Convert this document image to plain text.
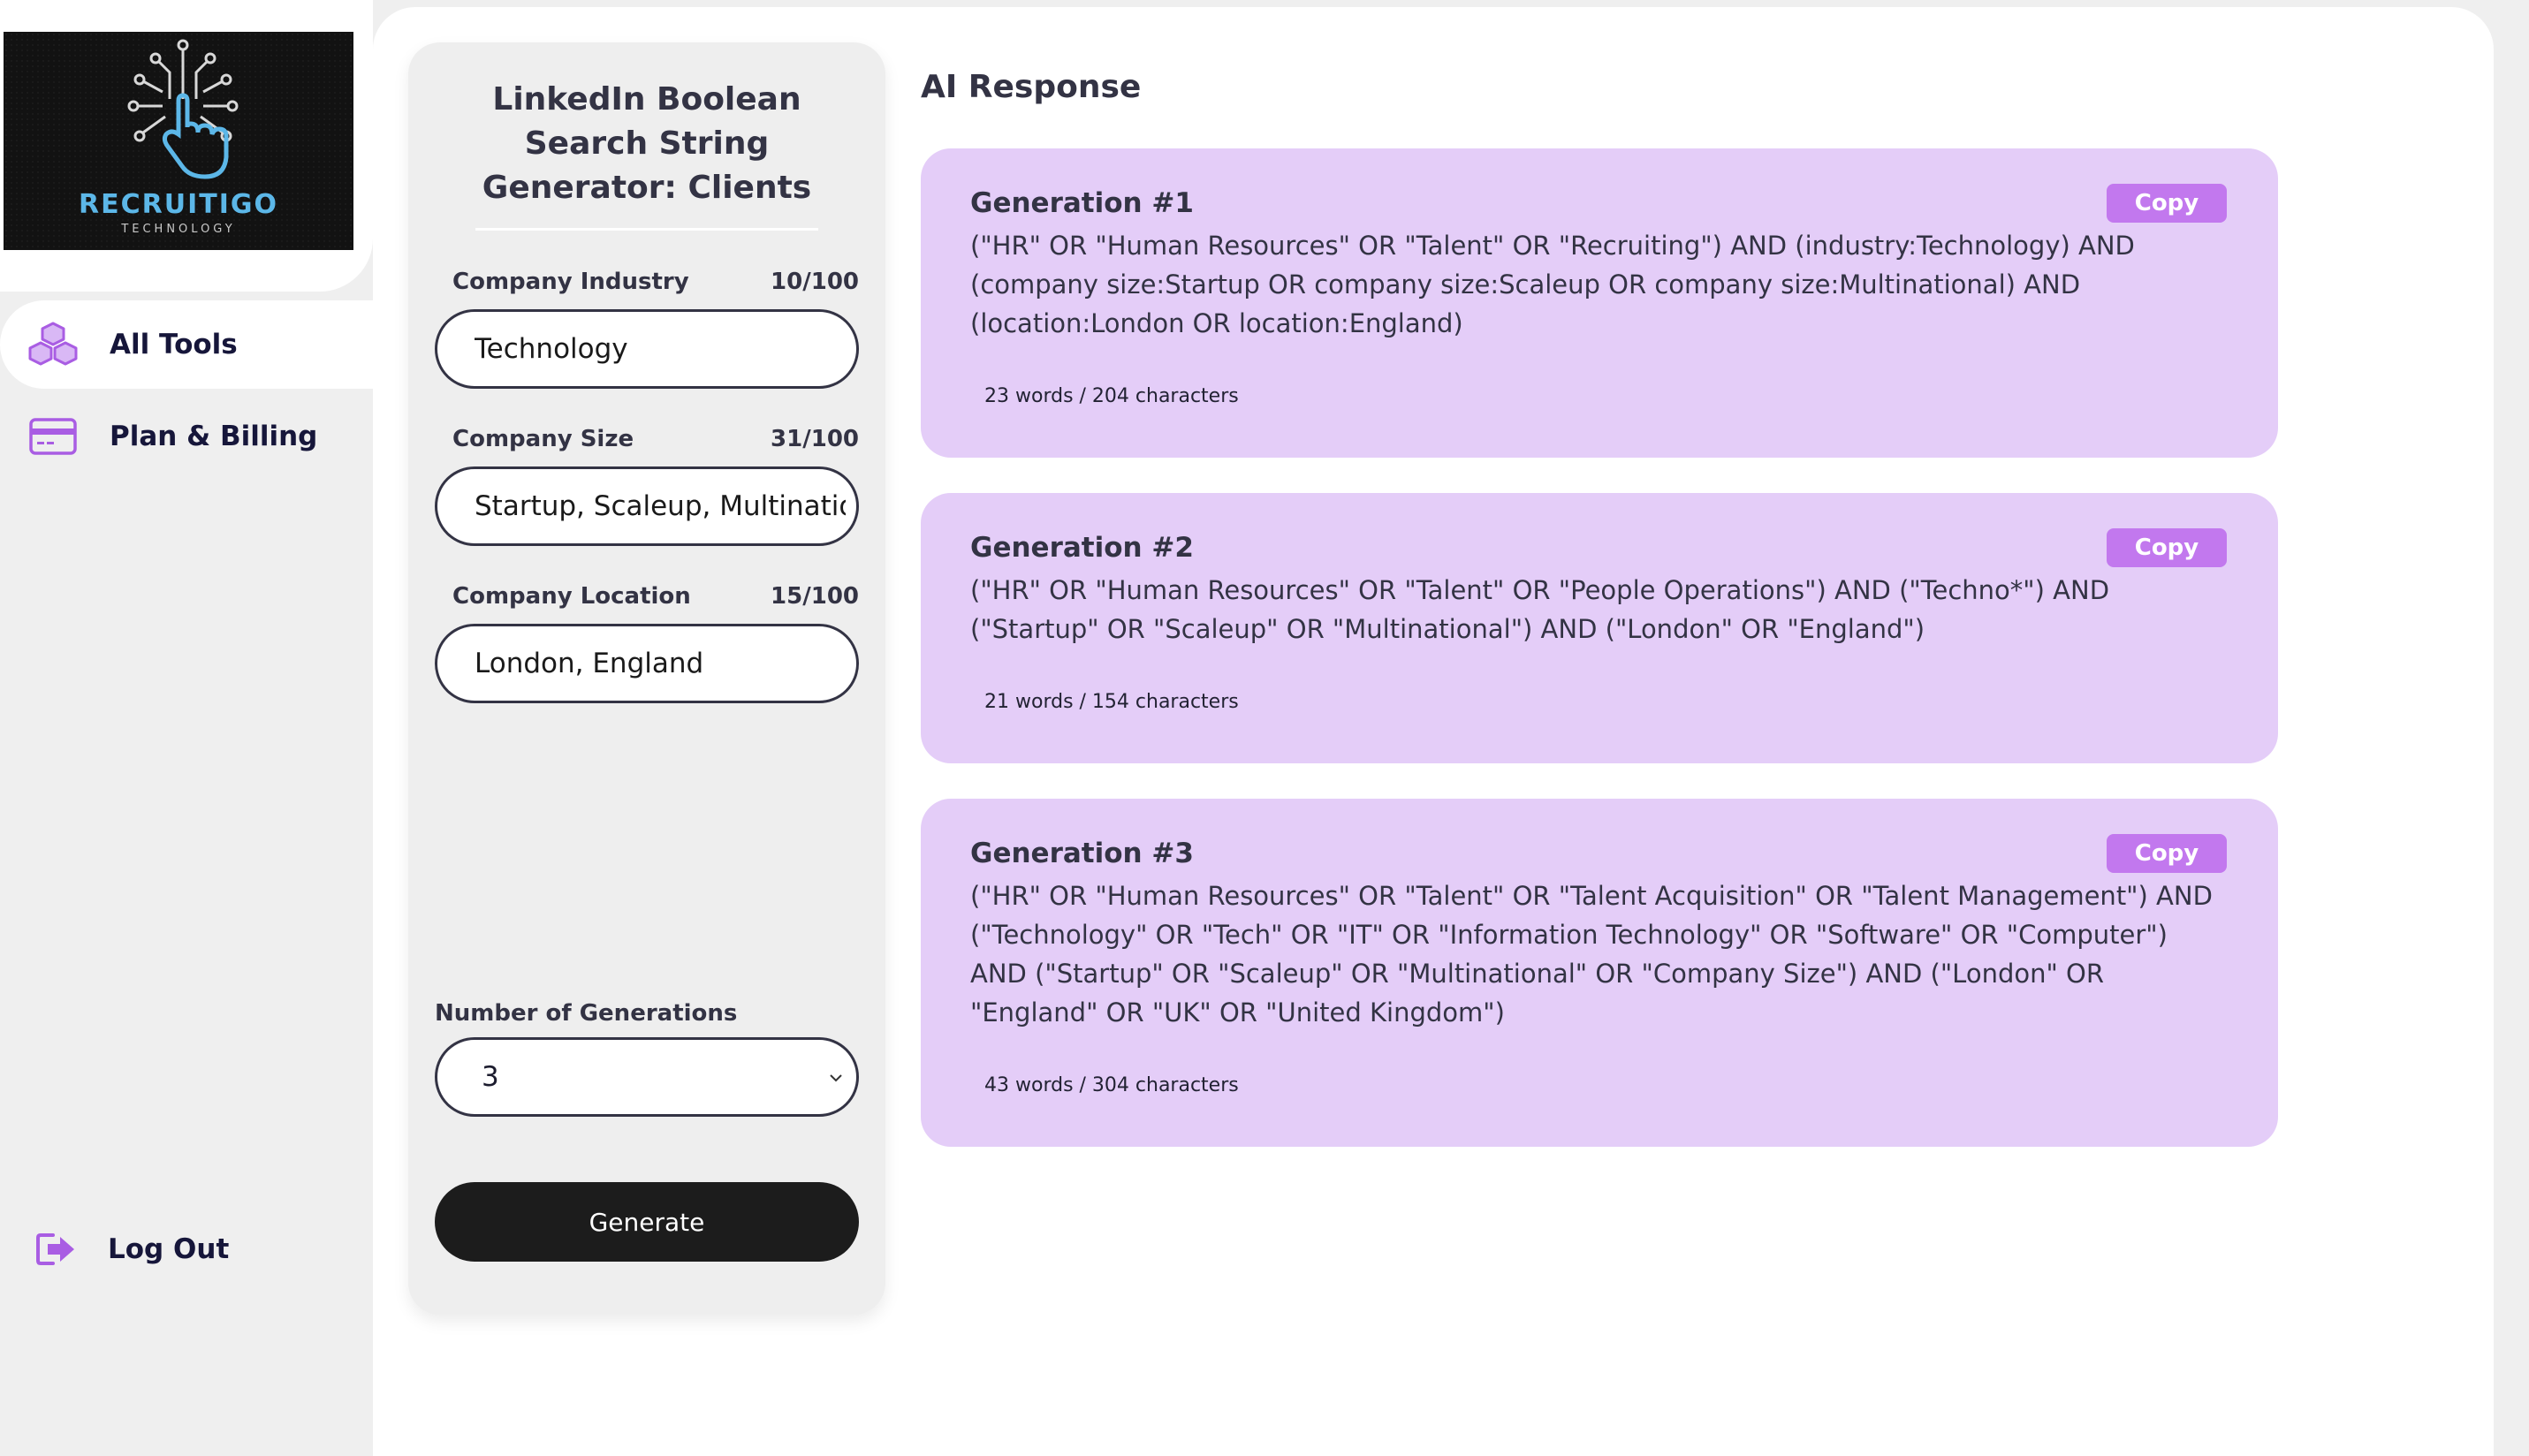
RECRUITIGO
TECHNOLOGY
All Tools
Plan & Billing
Log Out
LinkedIn Boolean Search String Generator: Clients
Company Industry	10/100
Technology
Company Size	31/100
Startup, Scaleup, Multinational
Company Location	15/100
London, England
Number of Generations
3
Generate
AI Response
Generation #1	Copy
("HR" OR "Human Resources" OR "Talent" OR "Recruiting") AND (industry:Technology) AND (company size:Startup OR company size:Scaleup OR company size:Multinational) AND (location:London OR location:England)
23 words / 204 characters
Generation #2	Copy
("HR" OR "Human Resources" OR "Talent" OR "People Operations") AND ("Techno*") AND ("Startup" OR "Scaleup" OR "Multinational") AND ("London" OR "England")
21 words / 154 characters
Generation #3	Copy
("HR" OR "Human Resources" OR "Talent" OR "Talent Acquisition" OR "Talent Management") AND ("Technology" OR "Tech" OR "IT" OR "Information Technology" OR "Software" OR "Computer") AND ("Startup" OR "Scaleup" OR "Multinational" OR "Company Size") AND ("London" OR "England" OR "UK" OR "United Kingdom")
43 words / 304 characters
